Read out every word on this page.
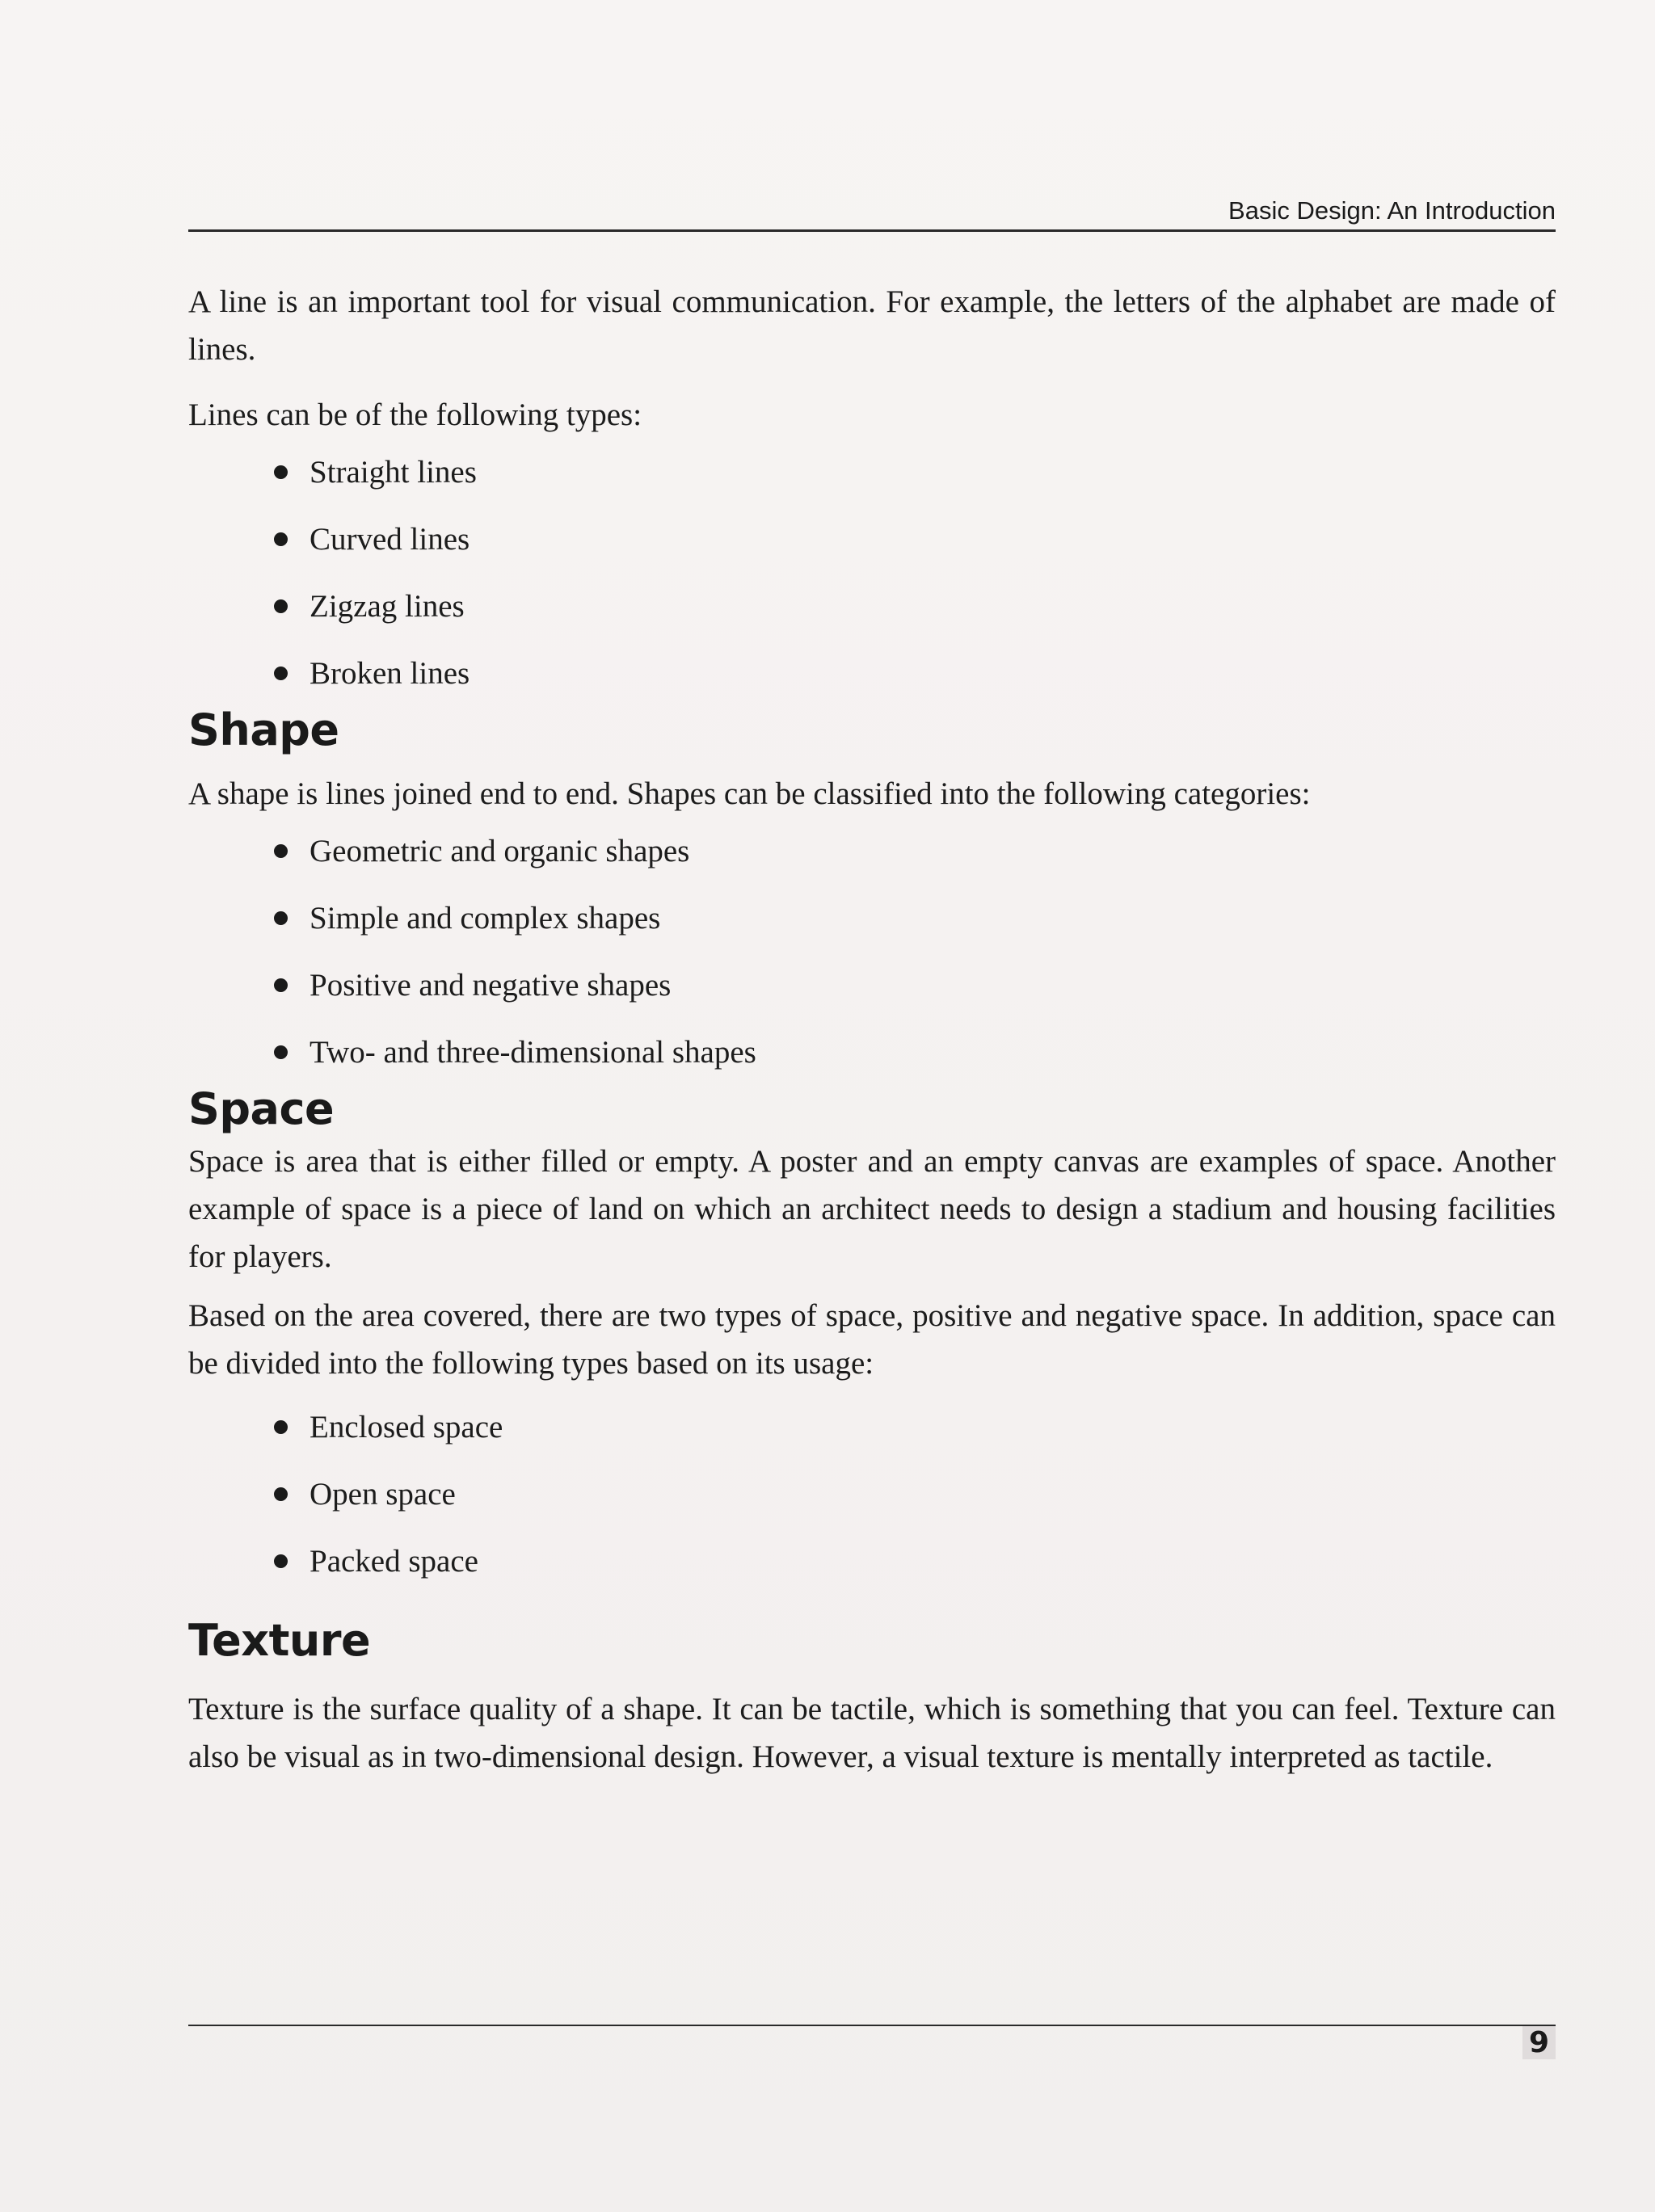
Basic Design: An Introduction

A line is an important tool for visual communication. For example, the letters of the alphabet are made of lines.

Lines can be of the following types:

Straight lines
Curved lines
Zigzag lines
Broken lines
Shape

A shape is lines joined end to end. Shapes can be classified into the following categories:

Geometric and organic shapes
Simple and complex shapes
Positive and negative shapes
Two- and three-dimensional shapes
Space

Space is area that is either filled or empty. A poster and an empty canvas are examples of space. Another example of space is a piece of land on which an architect needs to design a stadium and housing facilities for players.

Based on the area covered, there are two types of space, positive and negative space. In addition, space can be divided into the following types based on its usage:

Enclosed space
Open space
Packed space
Texture

Texture is the surface quality of a shape. It can be tactile, which is something that you can feel. Texture can also be visual as in two-dimensional design. However, a visual texture is mentally interpreted as tactile.

9
